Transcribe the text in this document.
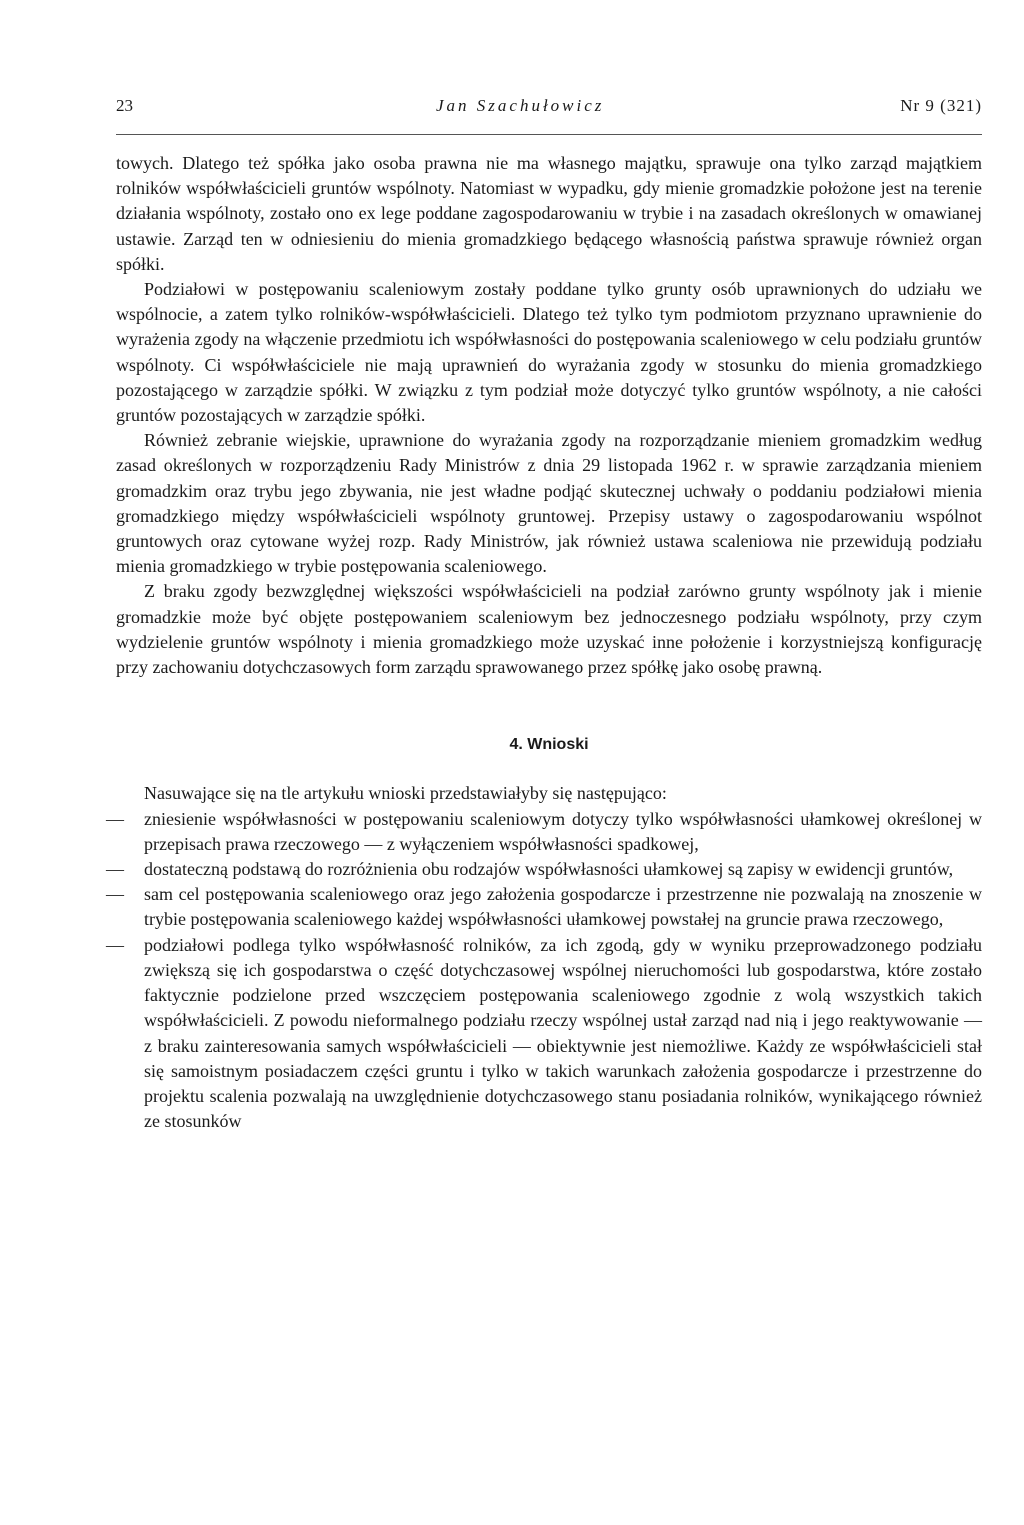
23	Jan Szachułowicz	Nr 9 (321)

towych. Dlatego też spółka jako osoba prawna nie ma własnego majątku, sprawuje ona tylko zarząd majątkiem rolników współwłaścicieli gruntów wspólnoty. Natomiast w wypadku, gdy mienie gromadzkie położone jest na terenie działania wspólnoty, zostało ono ex lege poddane zagospodarowaniu w trybie i na zasadach określonych w omawianej ustawie. Zarząd ten w odniesieniu do mienia gromadzkiego będącego własnością państwa sprawuje również organ spółki.

Podziałowi w postępowaniu scaleniowym zostały poddane tylko grunty osób uprawnionych do udziału we wspólnocie, a zatem tylko rolników-współwłaścicieli. Dlatego też tylko tym podmiotom przyznano uprawnienie do wyrażenia zgody na włączenie przedmiotu ich współwłasności do postępowania scaleniowego w celu podziału gruntów wspólnoty. Ci współwłaściciele nie mają uprawnień do wyrażania zgody w stosunku do mienia gromadzkiego pozostającego w zarządzie spółki. W związku z tym podział może dotyczyć tylko gruntów wspólnoty, a nie całości gruntów pozostających w zarządzie spółki.

Również zebranie wiejskie, uprawnione do wyrażania zgody na rozporządzanie mieniem gromadzkim według zasad określonych w rozporządzeniu Rady Ministrów z dnia 29 listopada 1962 r. w sprawie zarządzania mieniem gromadzkim oraz trybu jego zbywania, nie jest władne podjąć skutecznej uchwały o poddaniu podziałowi mienia gromadzkiego między współwłaścicieli wspólnoty gruntowej. Przepisy ustawy o zagospodarowaniu wspólnot gruntowych oraz cytowane wyżej rozp. Rady Ministrów, jak również ustawa scaleniowa nie przewidują podziału mienia gromadzkiego w trybie postępowania scaleniowego.

Z braku zgody bezwzględnej większości współwłaścicieli na podział zarówno grunty wspólnoty jak i mienie gromadzkie może być objęte postępowaniem scaleniowym bez jednoczesnego podziału wspólnoty, przy czym wydzielenie gruntów wspólnoty i mienia gromadzkiego może uzyskać inne położenie i korzystniejszą konfigurację przy zachowaniu dotychczasowych form zarządu sprawowanego przez spółkę jako osobę prawną.

4. Wnioski

Nasuwające się na tle artykułu wnioski przedstawiałyby się następująco:

— zniesienie współwłasności w postępowaniu scaleniowym dotyczy tylko współwłasności ułamkowej określonej w przepisach prawa rzeczowego — z wyłączeniem współwłasności spadkowej,
— dostateczną podstawą do rozróżnienia obu rodzajów współwłasności ułamkowej są zapisy w ewidencji gruntów,
— sam cel postępowania scaleniowego oraz jego założenia gospodarcze i przestrzenne nie pozwalają na znoszenie w trybie postępowania scaleniowego każdej współwłasności ułamkowej powstałej na gruncie prawa rzeczowego,
— podziałowi podlega tylko współwłasność rolników, za ich zgodą, gdy w wyniku przeprowadzonego podziału zwiększą się ich gospodarstwa o część dotychczasowej wspólnej nieruchomości lub gospodarstwa, które zostało faktycznie podzielone przed wszczęciem postępowania scaleniowego zgodnie z wolą wszystkich takich współwłaścicieli. Z powodu nieformalnego podziału rzeczy wspólnej ustał zarząd nad nią i jego reaktywowanie — z braku zainteresowania samych współwłaścicieli — obiektywnie jest niemożliwe. Każdy ze współwłaścicieli stał się samoistnym posiadaczem części gruntu i tylko w takich warunkach założenia gospodarcze i przestrzenne do projektu scalenia pozwalają na uwzględnienie dotychczasowego stanu posiadania rolników, wynikającego również ze stosunków
